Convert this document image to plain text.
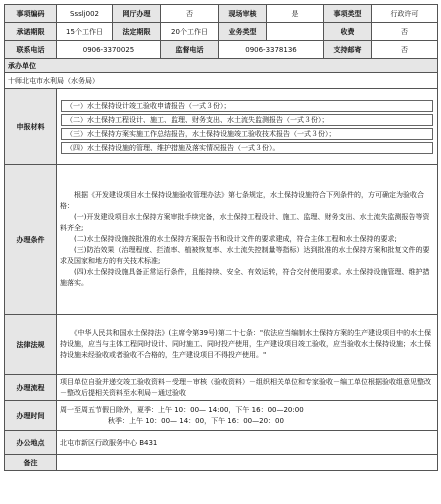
事项编码	Ssslj002	网厅办理	否	现场审核	是	事项类型	行政许可
承诺期限	15个工作日	法定期限	20个工作日	业务类型		收费	否
联系电话	0906-3370025		监督电话	0906-3378136		支持邮寄	否
承办单位							
十师北屯市水利局（水务局）							
申报材料	（一）水土保持设计竣工验收申请报告（一式３份）；
（二）水土保持工程设计、施工、监理、财务支出、水土流失监测报告（一式３份）；
（三）水土保持方案实施工作总结报告，水土保持设施竣工验收技术报告（一式３份）；
（四）水土保持设施的管理、维护措施及落实情况报告（一式３份）。						

办理条件	根据《开发建设项目水土保持设施验收管理办法》第七条规定，水土保持设施符合下列条件的，方可确定为验收合格：

(一)开发建设项目水土保持方案审批手续完备，水土保持工程设计、施工、监理、财务支出、水土流失监测报告等资料齐全;

(二)水土保持设施按批准的水土保持方案报告书和设计文件的要求建成，符合主体工程和水土保持的要求;

(三)防治效果（治理程度、拦渣率、植被恢复率、水土流失控制量等指标）达到批准的水土保持方案和批复文件的要求及国家和地方的有关技术标准;

(四)水土保持设施具备正常运行条件，且能持续、安全、有效运转，符合交付使用要求。水土保持设施管理、维护措施落实。						

法律法规	《中华人民共和国水土保持法》(主席令第39号)第二十七条："依法应当编制水土保持方案的生产建设项目中的水土保持设施，应当与主体工程同时设计、同时施工、同时投产使用，生产建设项目竣工验收，应当验收水土保持设施；水土保持设施未经验收或者验收不合格的，生产建设项目不得投产使用。"						

办理流程	项目单位自验并递交竣工验收资料－受理－审核（验收资料）－组织相关单位和专家验收－编工单位根据验收组意见整改－整改后提相关资料至水利局－通过验收						
办理时间	周一至周五节假日除外，夏季：上午 10：00— 14:00，下午 16：00—20:00
秋季：上午 10：00— 14：00，下午 16：00—20：00						

办公地点	北屯市新区行政服务中心 B431						
备注							
